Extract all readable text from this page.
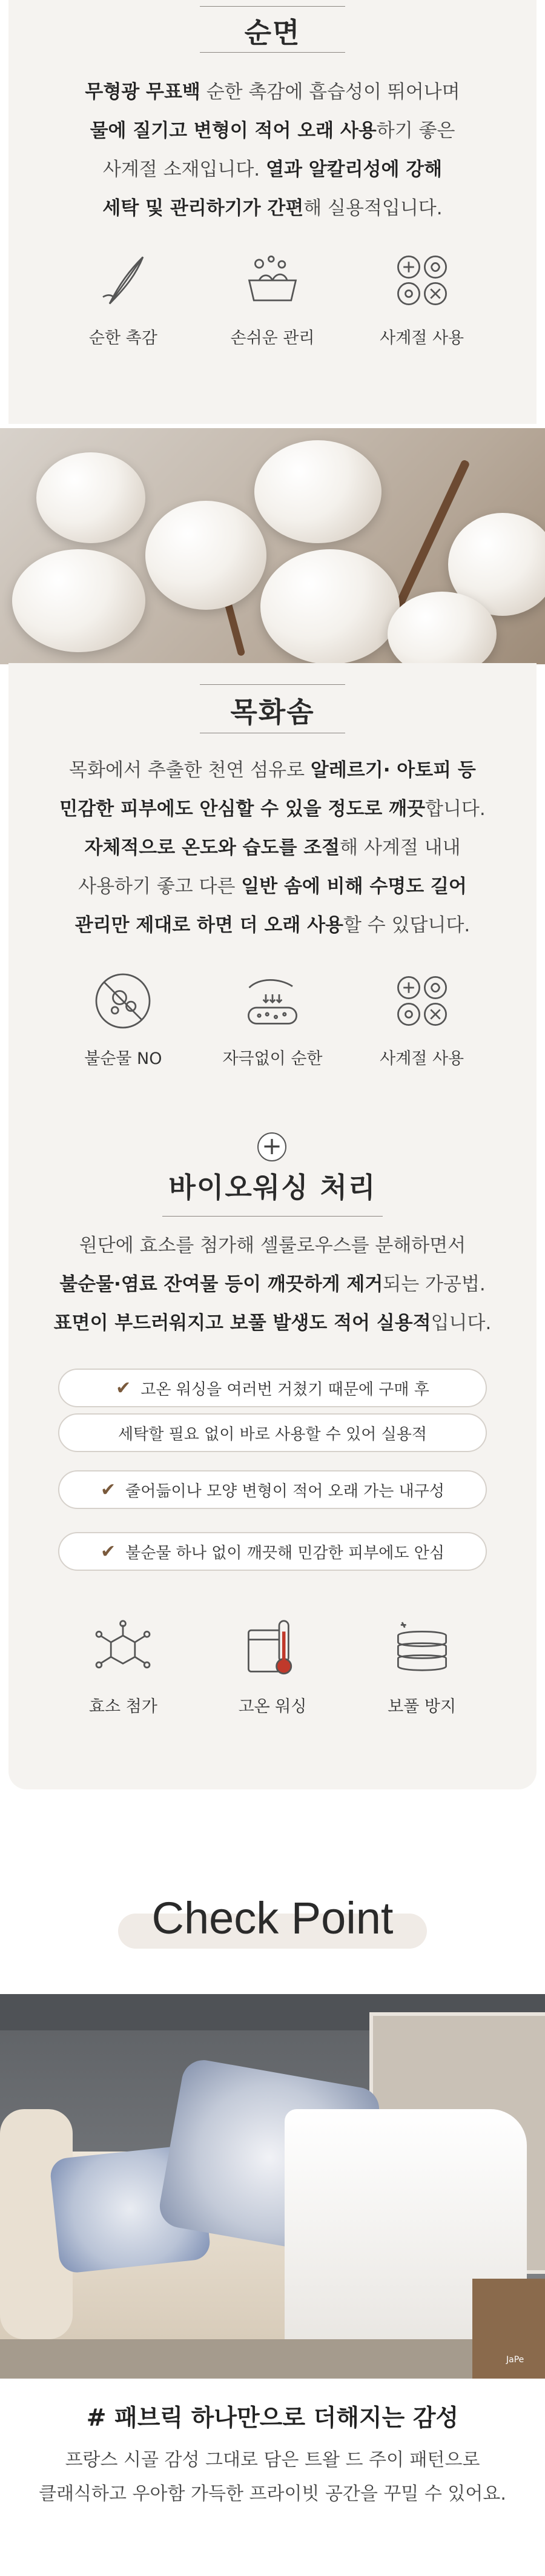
순면
무형광 무표백 순한 촉감에 흡습성이 뛰어나며
물에 질기고 변형이 적어 오래 사용하기 좋은
사계절 소재입니다. 열과 알칼리성에 강해
세탁 및 관리하기가 간편해 실용적입니다.
순한 촉감	손쉬운 관리	사계절 사용
목화솜
목화에서 추출한 천연 섬유로 알레르기· 아토피 등
민감한 피부에도 안심할 수 있을 정도로 깨끗합니다.
자체적으로 온도와 습도를 조절해 사계절 내내
사용하기 좋고 다른 일반 솜에 비해 수명도 길어
관리만 제대로 하면 더 오래 사용할 수 있답니다.
불순물 NO	자극없이 순한	사계절 사용
+
바이오워싱 처리
원단에 효소를 첨가해 셀룰로우스를 분해하면서
불순물·염료 잔여물 등이 깨끗하게 제거되는 가공법.
표면이 부드러워지고 보풀 발생도 적어 실용적입니다.
✔ 고온 워싱을 여러번 거쳤기 때문에 구매 후
세탁할 필요 없이 바로 사용할 수 있어 실용적
✔ 줄어듦이나 모양 변형이 적어 오래 가는 내구성
✔ 불순물 하나 없이 깨끗해 민감한 피부에도 안심
효소 첨가	고온 워싱	보풀 방지
Check Point
JaPe
# 패브릭 하나만으로 더해지는 감성
프랑스 시골 감성 그대로 담은 트왈 드 주이 패턴으로
클래식하고 우아함 가득한 프라이빗 공간을 꾸밀 수 있어요.
